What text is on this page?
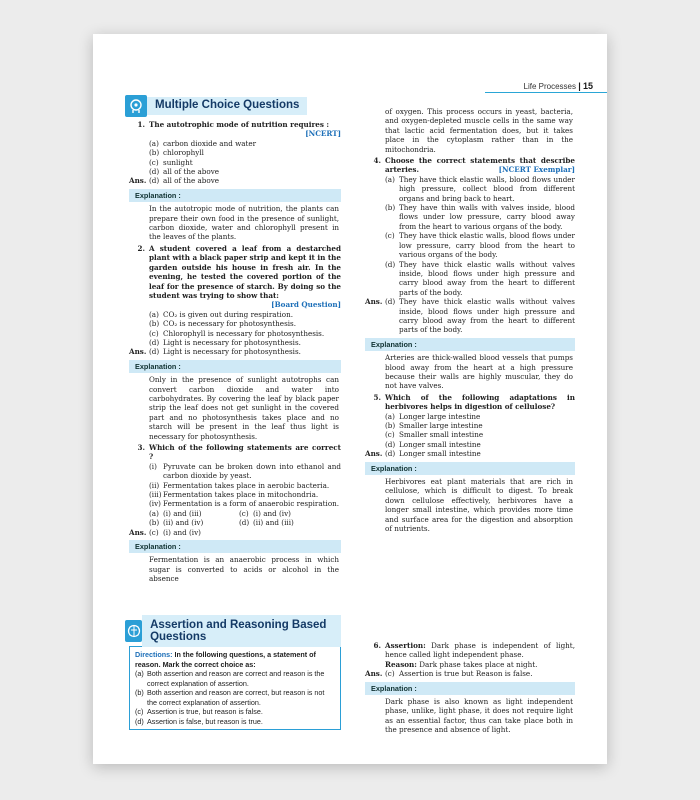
Life Processes | 15
Multiple Choice Questions
1. The autotrophic mode of nutrition requires :
[NCERT]
(a) carbon dioxide and water
(b) chlorophyll
(c) sunlight
(d) all of the above
Ans. (d) all of the above
Explanation :
In the autotropic mode of nutrition, the plants can prepare their own food in the presence of sunlight, carbon dioxide, water and chlorophyll present in the leaves of the plants.
2. A student covered a leaf from a destarched plant with a black paper strip and kept it in the garden outside his house in fresh air. In the evening, he tested the covered portion of the leaf for the presence of starch. By doing so the student was trying to show that:
[Board Question]
(a) CO₂ is given out during respiration.
(b) CO₂ is necessary for photosynthesis.
(c) Chlorophyll is necessary for photosynthesis.
(d) Light is necessary for photosynthesis.
Ans. (d) Light is necessary for photosynthesis.
Explanation :
Only in the presence of sunlight autotrophs can convert carbon dioxide and water into carbohydrates. By covering the leaf by black paper strip the leaf does not get sunlight in the covered part and no photosynthesis takes place and no starch will be present in the leaf thus light is necessary for photosynthesis.
3. Which of the following statements are correct ?
(i) Pyruvate can be broken down into ethanol and carbon dioxide by yeast.
(ii) Fermentation takes place in aerobic bacteria.
(iii) Fermentation takes place in mitochondria.
(iv) Fermentation is a form of anaerobic respiration.
(a) (i) and (iii)
(b) (ii) and (iv)
(c) (i) and (iv)
(d) (ii) and (iii)
Ans. (c) (i) and (iv)
Explanation :
Fermentation is an anaerobic process in which sugar is converted to acids or alcohol in the absence
of oxygen. This process occurs in yeast, bacteria, and oxygen-depleted muscle cells in the same way that lactic acid fermentation does, but it takes place in the cytoplasm rather than in the mitochondria.
4. Choose the correct statements that describe arteries.	[NCERT Exemplar]
(a) They have thick elastic walls, blood flows under high pressure, collect blood from different organs and bring back to heart.
(b) They have thin walls with valves inside, blood flows under low pressure, carry blood away from the heart to various organs of the body.
(c) They have thick elastic walls, blood flows under low pressure, carry blood from the heart to various organs of the body.
(d) They have thick elastic walls without valves inside, blood flows under high pressure and carry blood away from the heart to different parts of the body.
Ans. (d) They have thick elastic walls without valves inside, blood flows under high pressure and carry blood away from the heart to different parts of the body.
Explanation :
Arteries are thick-walled blood vessels that pumps blood away from the heart at a high pressure because their walls are highly muscular, they do not have valves.
5. Which of the following adaptations in herbivores helps in digestion of cellulose?
(a) Longer large intestine
(b) Smaller large intestine
(c) Smaller small intestine
(d) Longer small intestine
Ans. (d) Longer small intestine
Explanation :
Herbivores eat plant materials that are rich in cellulose, which is difficult to digest. To break down cellulose effectively, herbivores have a longer small intestine, which provides more time and surface area for the digestion and absorption of nutrients.
Assertion and Reasoning Based Questions
Directions: In the following questions, a statement of reason. Mark the correct choice as:
(a) Both assertion and reason are correct and reason is the correct explanation of assertion.
(b) Both assertion and reason are correct, but reason is not the correct explanation of assertion.
(c) Assertion is true, but reason is false.
(d) Assertion is false, but reason is true.
6. Assertion: Dark phase is independent of light, hence called light independent phase.
Reason: Dark phase takes place at night.
Ans. (c) Assertion is true but Reason is false.
Explanation :
Dark phase is also known as light independent phase, unlike, light phase, it does not require light as an essential factor, thus can take place both in the presence and absence of light.
